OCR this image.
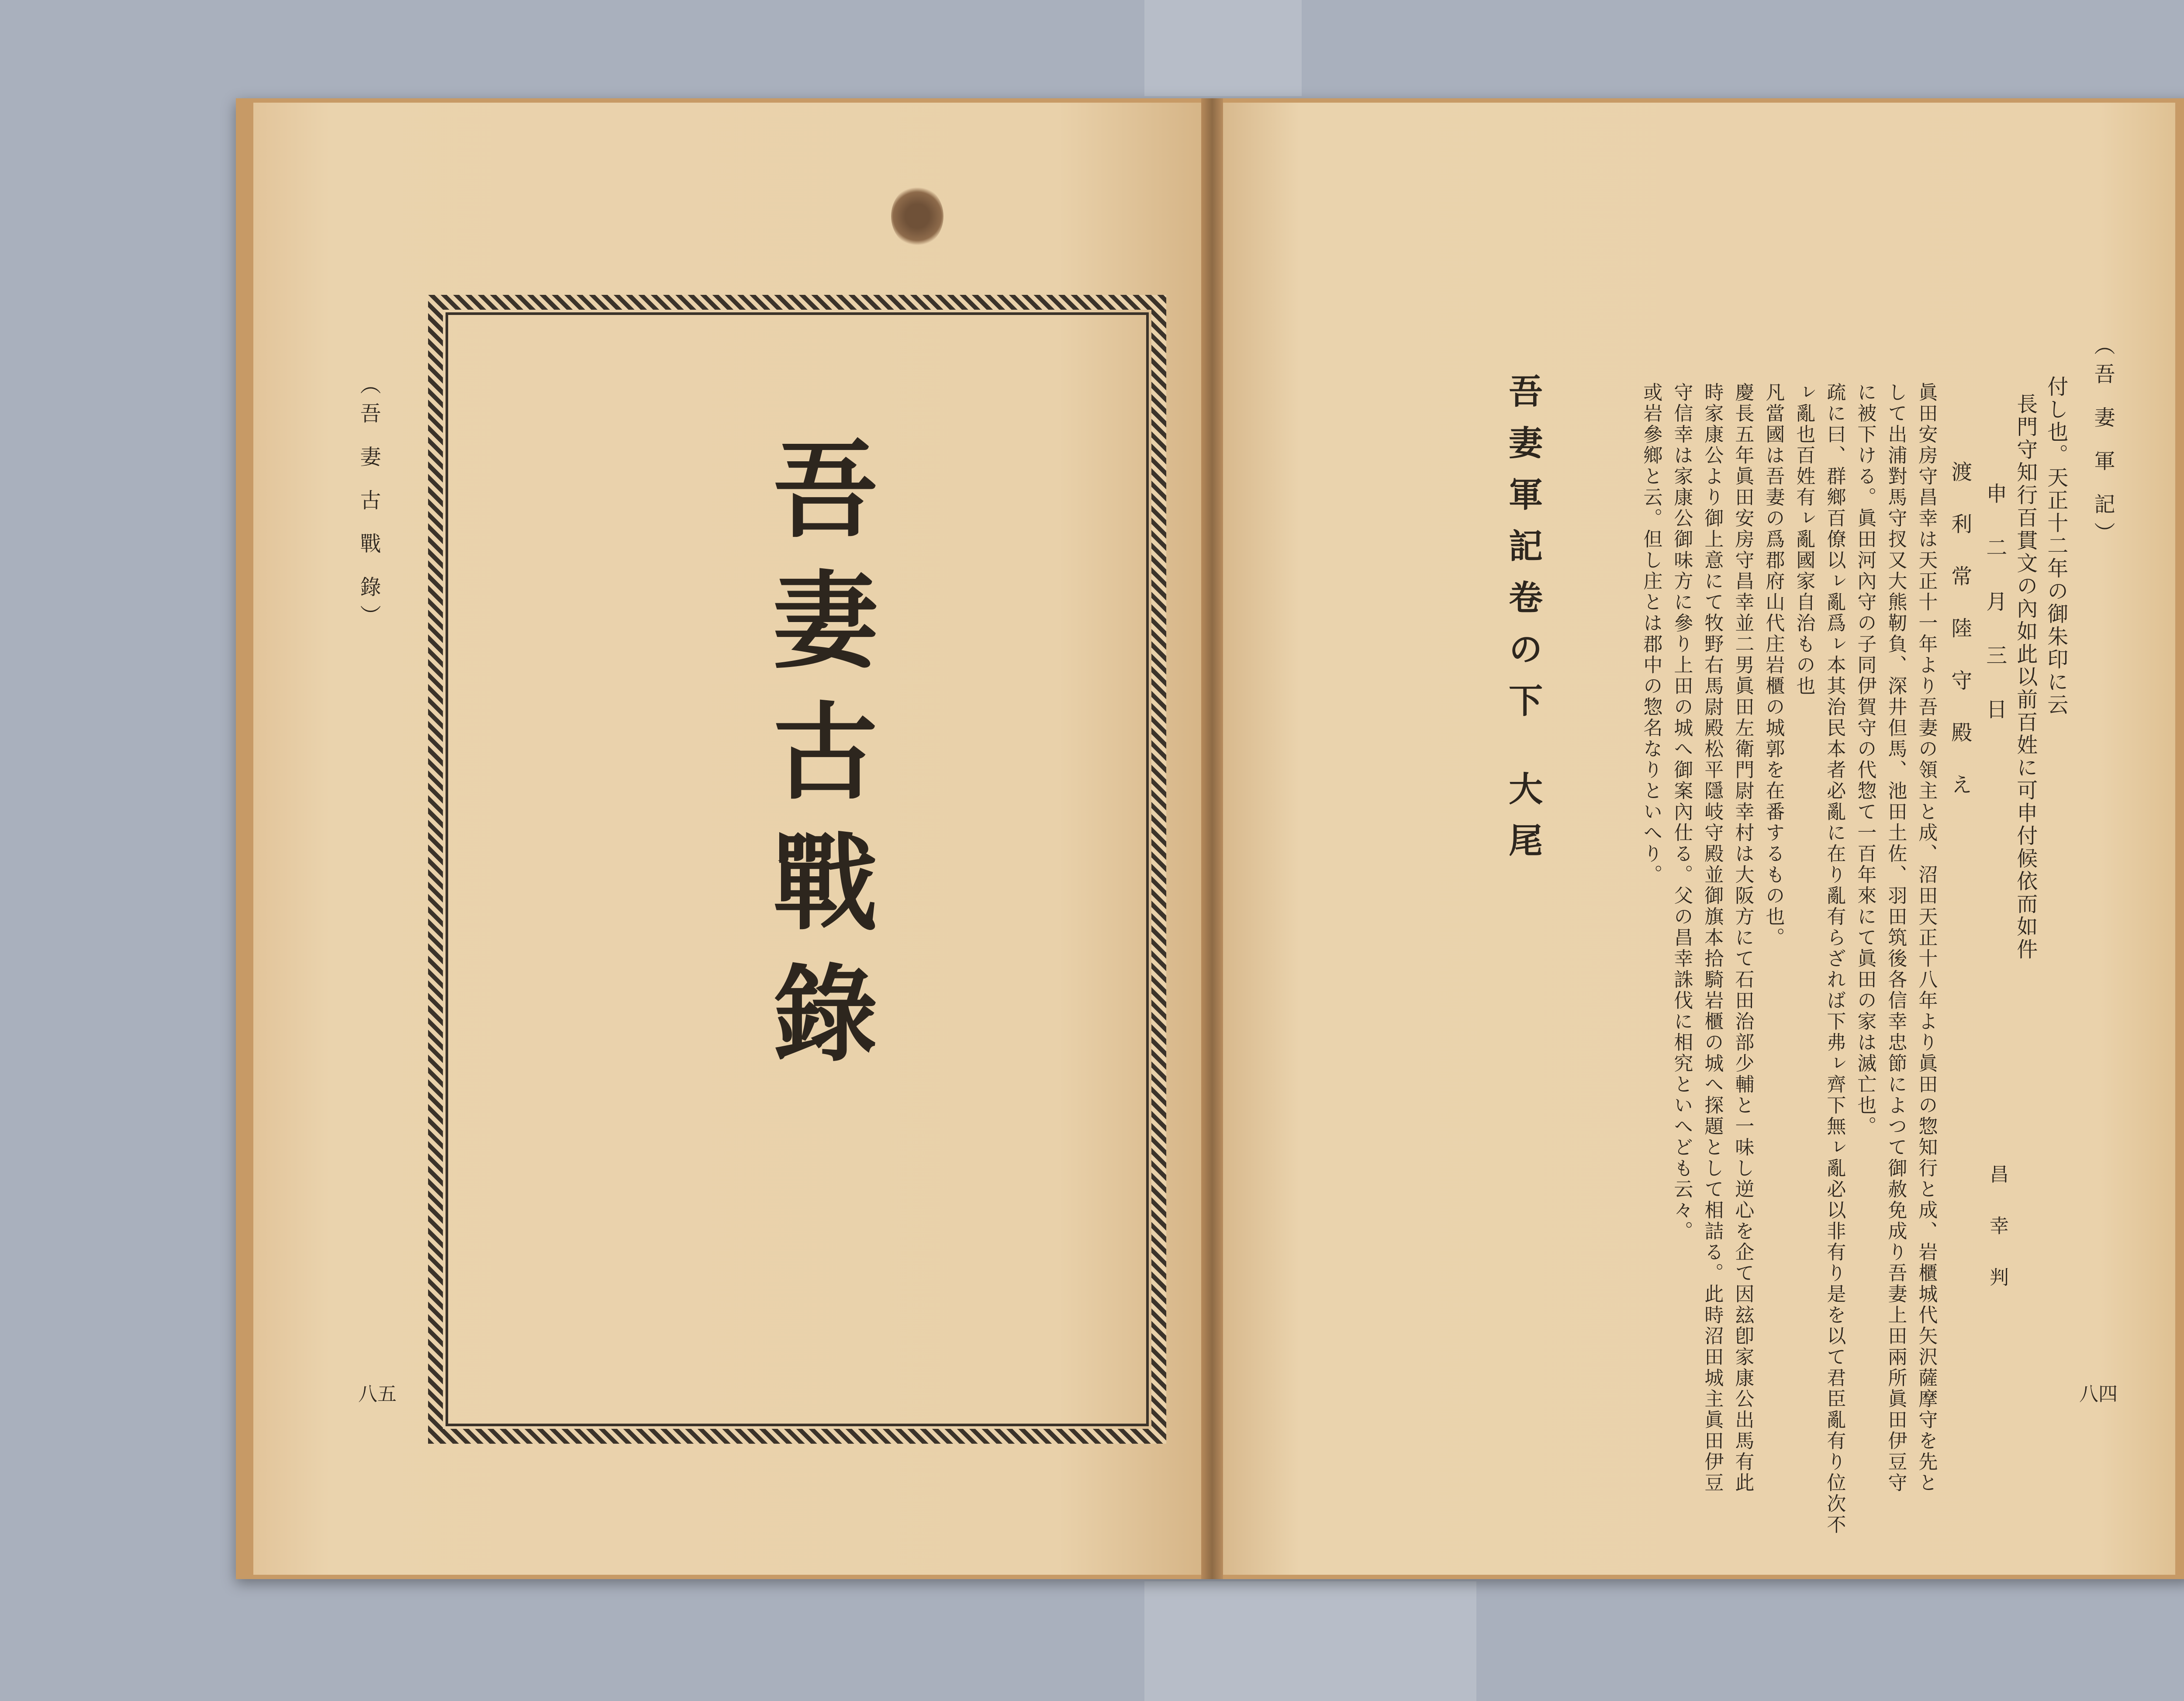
（吾 妻 古 戰 錄）	吾妻古戰錄
八五
（吾 妻 軍 記）
付し也。天正十二年の御朱印に云
長門守知行百貫文の內如此以前百姓に可申付候依而如件
申 二 月 三 日
渡 利 常 陸 守 殿 え
昌 幸 判
眞田安房守昌幸は天正十一年より吾妻の領主と成、沼田天正十八年より眞田の惣知行と成、岩櫃城代矢沢薩摩守を先と
して出浦對馬守扠又大熊靭負、深井但馬、池田土佐、羽田筑後各信幸忠節によつて御赦免成り吾妻上田兩所眞田伊豆守
に被下ける。眞田河內守の子同伊賀守の代惣て一百年來にて眞田の家は滅亡也。
疏に曰、群鄉百僚以ㇾ亂爲ㇾ本其治民本者必亂に在り亂有らざれば下弗ㇾ齊下無ㇾ亂必以非有り是を以て君臣亂有り位次不
ㇾ亂也百姓有ㇾ亂國家自治もの也
凡當國は吾妻の爲郡府山代庄岩櫃の城郭を在番するもの也。
慶長五年眞田安房守昌幸並二男眞田左衛門尉幸村は大阪方にて石田治部少輔と一味し逆心を企て因玆卽家康公出馬有此
時家康公より御上意にて牧野右馬尉殿松平隱岐守殿並御旗本拾騎岩櫃の城へ探題として相詰る。此時沼田城主眞田伊豆
守信幸は家康公御味方に參り上田の城へ御案內仕る。父の昌幸誅伐に相究といへども云々。
或岩參鄉と云。但し庄とは郡中の惣名なりといへり。
吾妻軍記卷の下
大尾
八四
